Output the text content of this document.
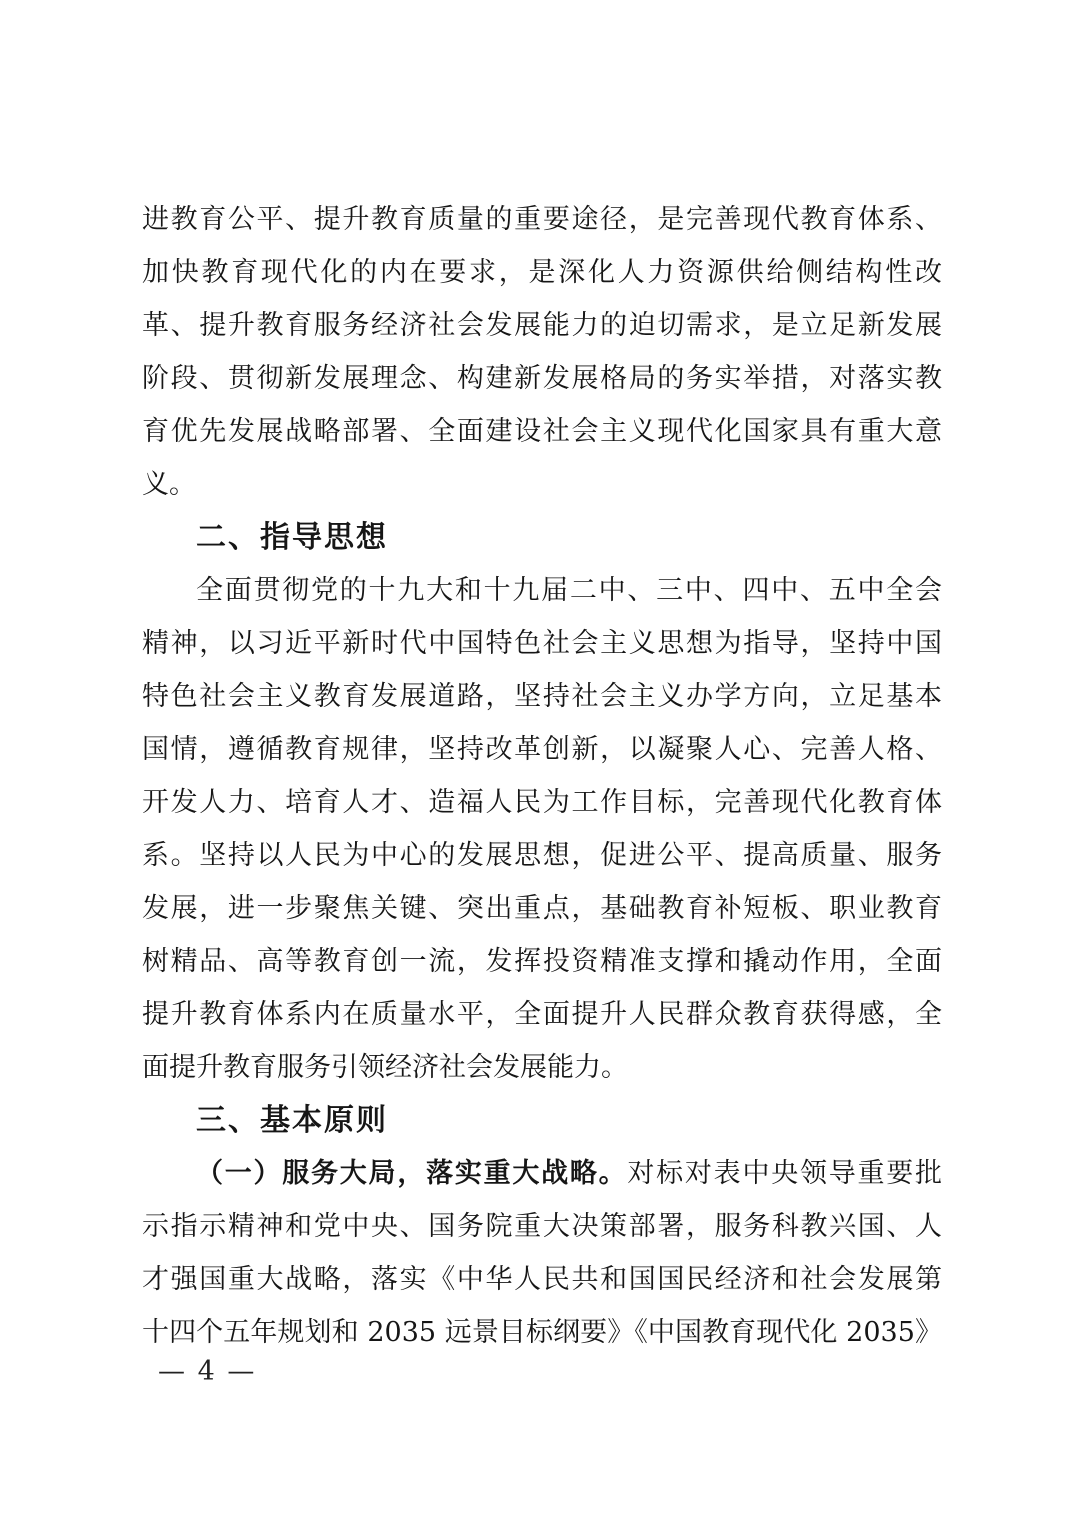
进教育公平、提升教育质量的重要途径，是完善现代教育体系、
加快教育现代化的内在要求，是深化人力资源供给侧结构性改
革、提升教育服务经济社会发展能力的迫切需求，是立足新发展
阶段、贯彻新发展理念、构建新发展格局的务实举措，对落实教
育优先发展战略部署、全面建设社会主义现代化国家具有重大意
义。
二、指导思想
全面贯彻党的十九大和十九届二中、三中、四中、五中全会
精神，以习近平新时代中国特色社会主义思想为指导，坚持中国
特色社会主义教育发展道路，坚持社会主义办学方向，立足基本
国情，遵循教育规律，坚持改革创新，以凝聚人心、完善人格、
开发人力、培育人才、造福人民为工作目标，完善现代化教育体
系。坚持以人民为中心的发展思想，促进公平、提高质量、服务
发展，进一步聚焦关键、突出重点，基础教育补短板、职业教育
树精品、高等教育创一流，发挥投资精准支撑和撬动作用，全面
提升教育体系内在质量水平，全面提升人民群众教育获得感，全
面提升教育服务引领经济社会发展能力。
三、基本原则
（一）服务大局，落实重大战略。对标对表中央领导重要批
示指示精神和党中央、国务院重大决策部署，服务科教兴国、人
才强国重大战略，落实《中华人民共和国国民经济和社会发展第
十四个五年规划和 2035 远景目标纲要》《中国教育现代化 2035》
— 4 —
